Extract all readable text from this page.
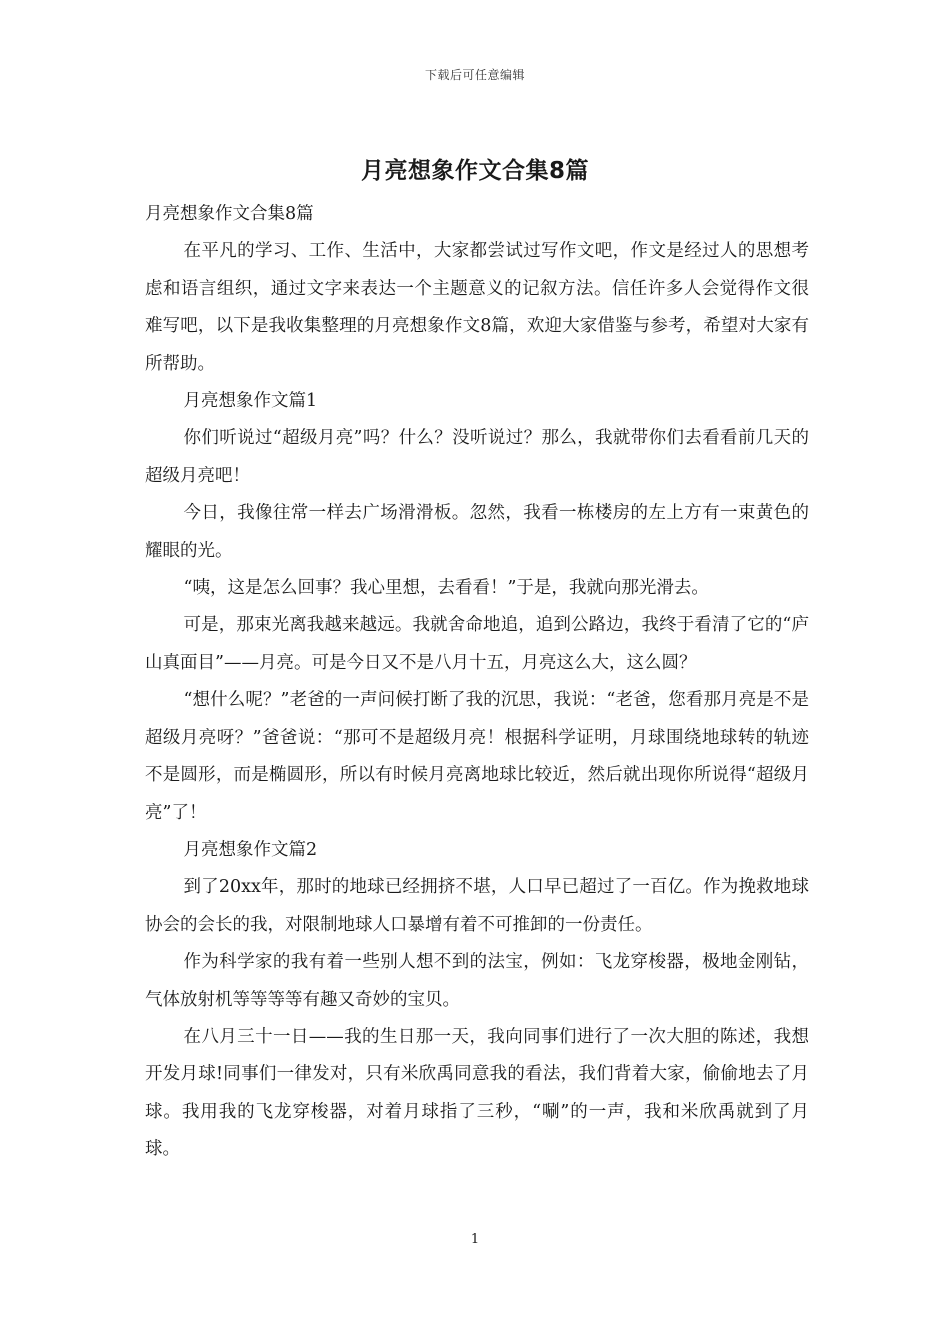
下载后可任意编辑
月亮想象作文合集8篇

月亮想象作文合集8篇

在平凡的学习、工作、生活中，大家都尝试过写作文吧，作文是经过人的思想考虑和语言组织，通过文字来表达一个主题意义的记叙方法。信任许多人会觉得作文很难写吧，以下是我收集整理的月亮想象作文8篇，欢迎大家借鉴与参考，希望对大家有所帮助。

月亮想象作文篇1

你们听说过“超级月亮”吗？什么？没听说过？那么，我就带你们去看看前几天的超级月亮吧！

今日，我像往常一样去广场滑滑板。忽然，我看一栋楼房的左上方有一束黄色的耀眼的光。

“咦，这是怎么回事？我心里想，去看看！”于是，我就向那光滑去。

可是，那束光离我越来越远。我就舍命地追，追到公路边，我终于看清了它的“庐山真面目”——月亮。可是今日又不是八月十五，月亮这么大，这么圆？

“想什么呢？”老爸的一声问候打断了我的沉思，我说：“老爸，您看那月亮是不是超级月亮呀？”爸爸说：“那可不是超级月亮！根据科学证明，月球围绕地球转的轨迹不是圆形，而是椭圆形，所以有时候月亮离地球比较近，然后就出现你所说得“超级月亮”了！

月亮想象作文篇2

到了20xx年，那时的地球已经拥挤不堪，人口早已超过了一百亿。作为挽救地球协会的会长的我，对限制地球人口暴增有着不可推卸的一份责任。

作为科学家的我有着一些别人想不到的法宝，例如：飞龙穿梭器，极地金刚钻，气体放射机等等等等有趣又奇妙的宝贝。

在八月三十一日——我的生日那一天，我向同事们进行了一次大胆的陈述，我想开发月球!同事们一律发对，只有米欣禹同意我的看法，我们背着大家，偷偷地去了月球。我用我的飞龙穿梭器，对着月球指了三秒，“唰”的一声，我和米欣禹就到了月球。

1
